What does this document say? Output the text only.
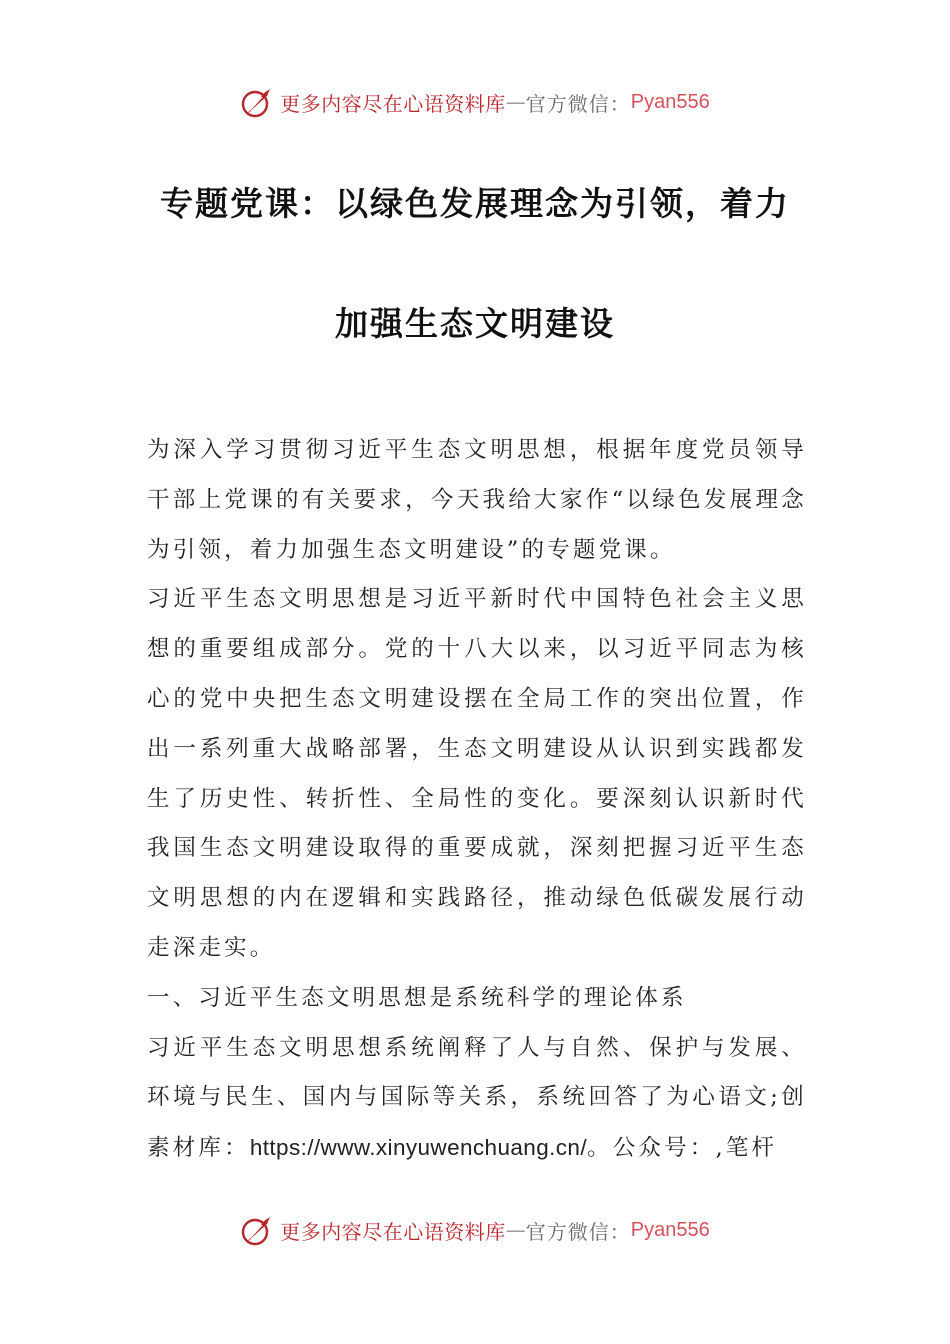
更多内容尽在心语资料库 — 官方微信： Pyan556
专题党课：以绿色发展理念为引领，着力
加强生态文明建设

为深入学习贯彻习近平生态文明思想，根据年度党员领导干部上党课的有关要求，今天我给大家作“以绿色发展理念为引领，着力加强生态文明建设”的专题党课。

习近平生态文明思想是习近平新时代中国特色社会主义思想的重要组成部分。党的十八大以来，以习近平同志为核心的党中央把生态文明建设摆在全局工作的突出位置，作出一系列重大战略部署，生态文明建设从认识到实践都发生了历史性、转折性、全局性的变化。要深刻认识新时代我国生态文明建设取得的重要成就，深刻把握习近平生态文明思想的内在逻辑和实践路径，推动绿色低碳发展行动走深走实。

一、习近平生态文明思想是系统科学的理论体系

习近平生态文明思想系统阐释了人与自然、保护与发展、环境与民生、国内与国际等关系，系统回答了为心语文;创素材库：https://www.xinyuwenchuang.cn/。公众号：,笔杆

更多内容尽在心语资料库 — 官方微信： Pyan556
